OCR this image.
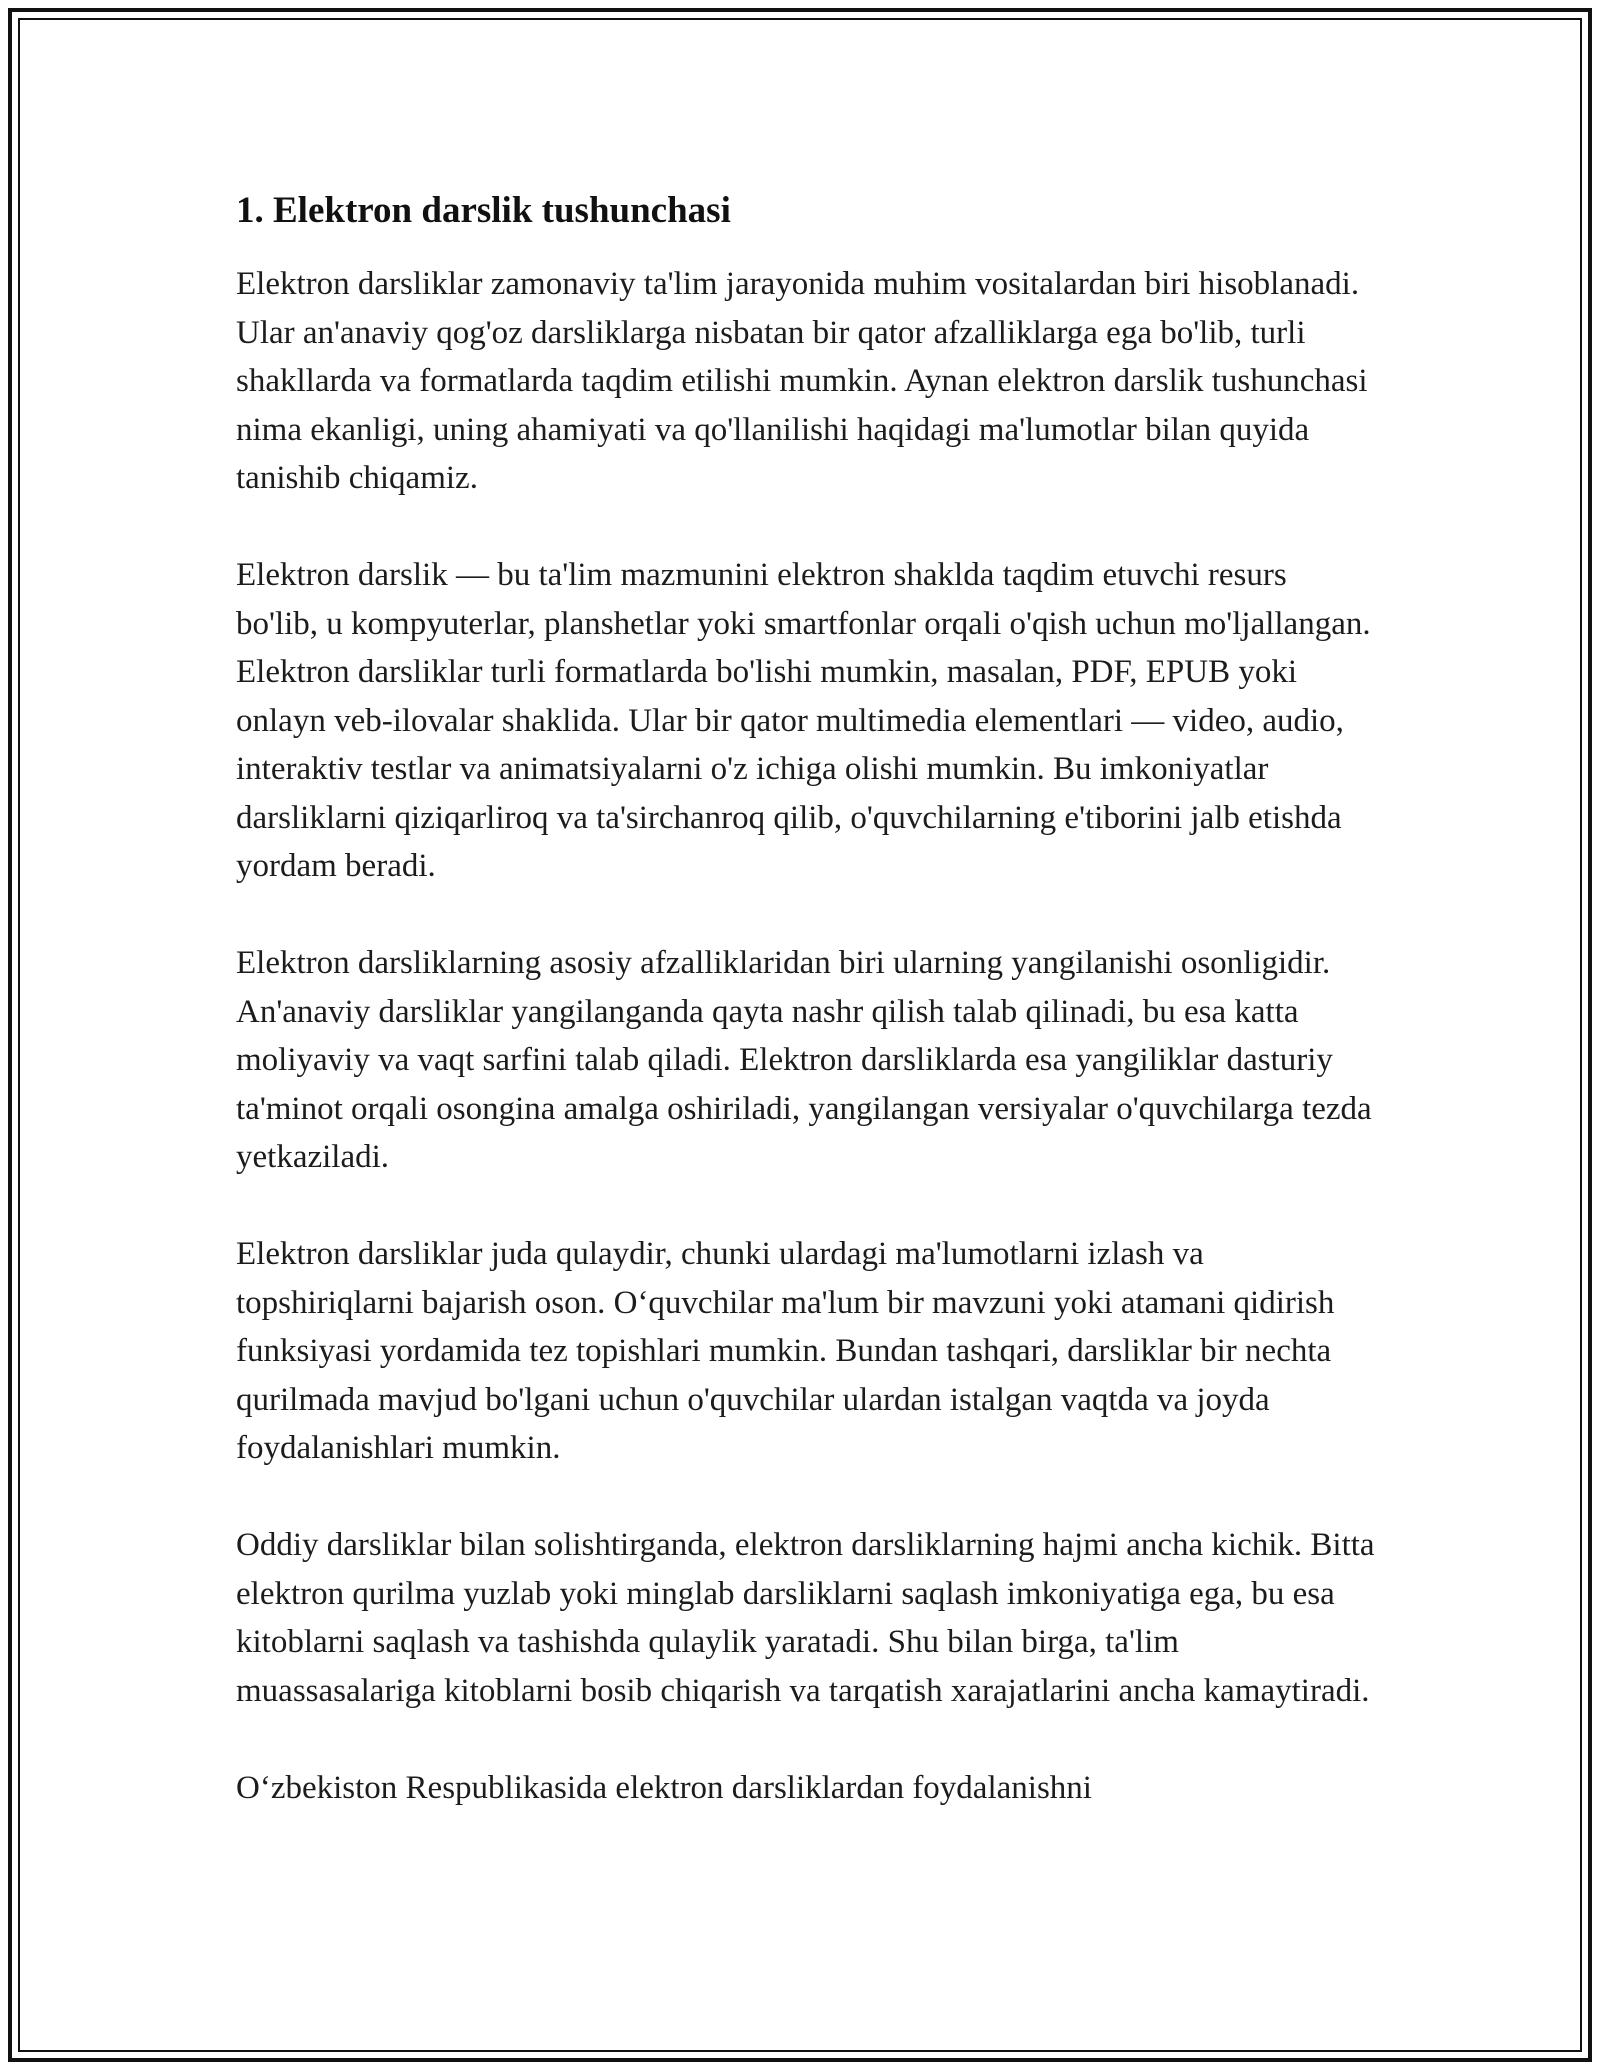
1. Elektron darslik tushunchasi

Elektron darsliklar zamonaviy ta'lim jarayonida muhim vositalardan biri hisoblanadi. Ular an'anaviy qog'oz darsliklarga nisbatan bir qator afzalliklarga ega bo'lib, turli shakllarda va formatlarda taqdim etilishi mumkin. Aynan elektron darslik tushunchasi nima ekanligi, uning ahamiyati va qo'llanilishi haqidagi ma'lumotlar bilan quyida tanishib chiqamiz.

Elektron darslik — bu ta'lim mazmunini elektron shaklda taqdim etuvchi resurs bo'lib, u kompyuterlar, planshetlar yoki smartfonlar orqali o'qish uchun mo'ljallangan. Elektron darsliklar turli formatlarda bo'lishi mumkin, masalan, PDF, EPUB yoki onlayn veb-ilovalar shaklida. Ular bir qator multimedia elementlari — video, audio, interaktiv testlar va animatsiyalarni o'z ichiga olishi mumkin. Bu imkoniyatlar darsliklarni qiziqarliroq va ta'sirchanroq qilib, o'quvchilarning e'tiborini jalb etishda yordam beradi.

Elektron darsliklarning asosiy afzalliklaridan biri ularning yangilanishi osonligidir. An'anaviy darsliklar yangilanganda qayta nashr qilish talab qilinadi, bu esa katta moliyaviy va vaqt sarfini talab qiladi. Elektron darsliklarda esa yangiliklar dasturiy ta'minot orqali osongina amalga oshiriladi, yangilangan versiyalar o'quvchilarga tezda yetkaziladi.

Elektron darsliklar juda qulaydir, chunki ulardagi ma'lumotlarni izlash va topshiriqlarni bajarish oson. O‘quvchilar ma'lum bir mavzuni yoki atamani qidirish funksiyasi yordamida tez topishlari mumkin. Bundan tashqari, darsliklar bir nechta qurilmada mavjud bo'lgani uchun o'quvchilar ulardan istalgan vaqtda va joyda foydalanishlari mumkin.

Oddiy darsliklar bilan solishtirganda, elektron darsliklarning hajmi ancha kichik. Bitta elektron qurilma yuzlab yoki minglab darsliklarni saqlash imkoniyatiga ega, bu esa kitoblarni saqlash va tashishda qulaylik yaratadi. Shu bilan birga, ta'lim muassasalariga kitoblarni bosib chiqarish va tarqatish xarajatlarini ancha kamaytiradi.

O‘zbekiston Respublikasida elektron darsliklardan foydalanishni
